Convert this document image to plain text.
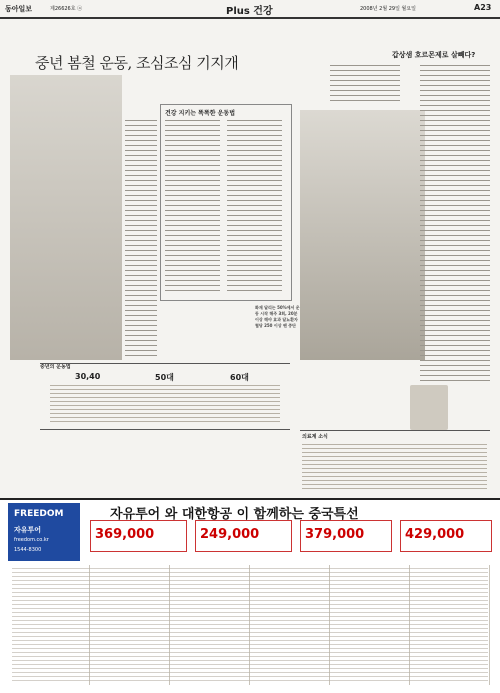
동아일보	제26626호 ⓐ	Plus 건강	2008년 2월 29일 월요일	A23
중년 봄철 운동, 조심조심 기지개
건강 지키는 똑똑한 운동법
화재 달리는 50%에서 운동 시작 해주 3회, 20분 이상 해야 효과 달뇨환자 혈당 250 이상 땐 중단
갑상샘 호르몬제로 살빼다?
중년의 운동법
30,40	50대	60대
의료계 소식
FREEDOM
자유투어
freedom.co.kr
1544-8300
자유투어 와 대한항공 이 함께하는 중국특선
369,000	249,000	379,000	429,000
